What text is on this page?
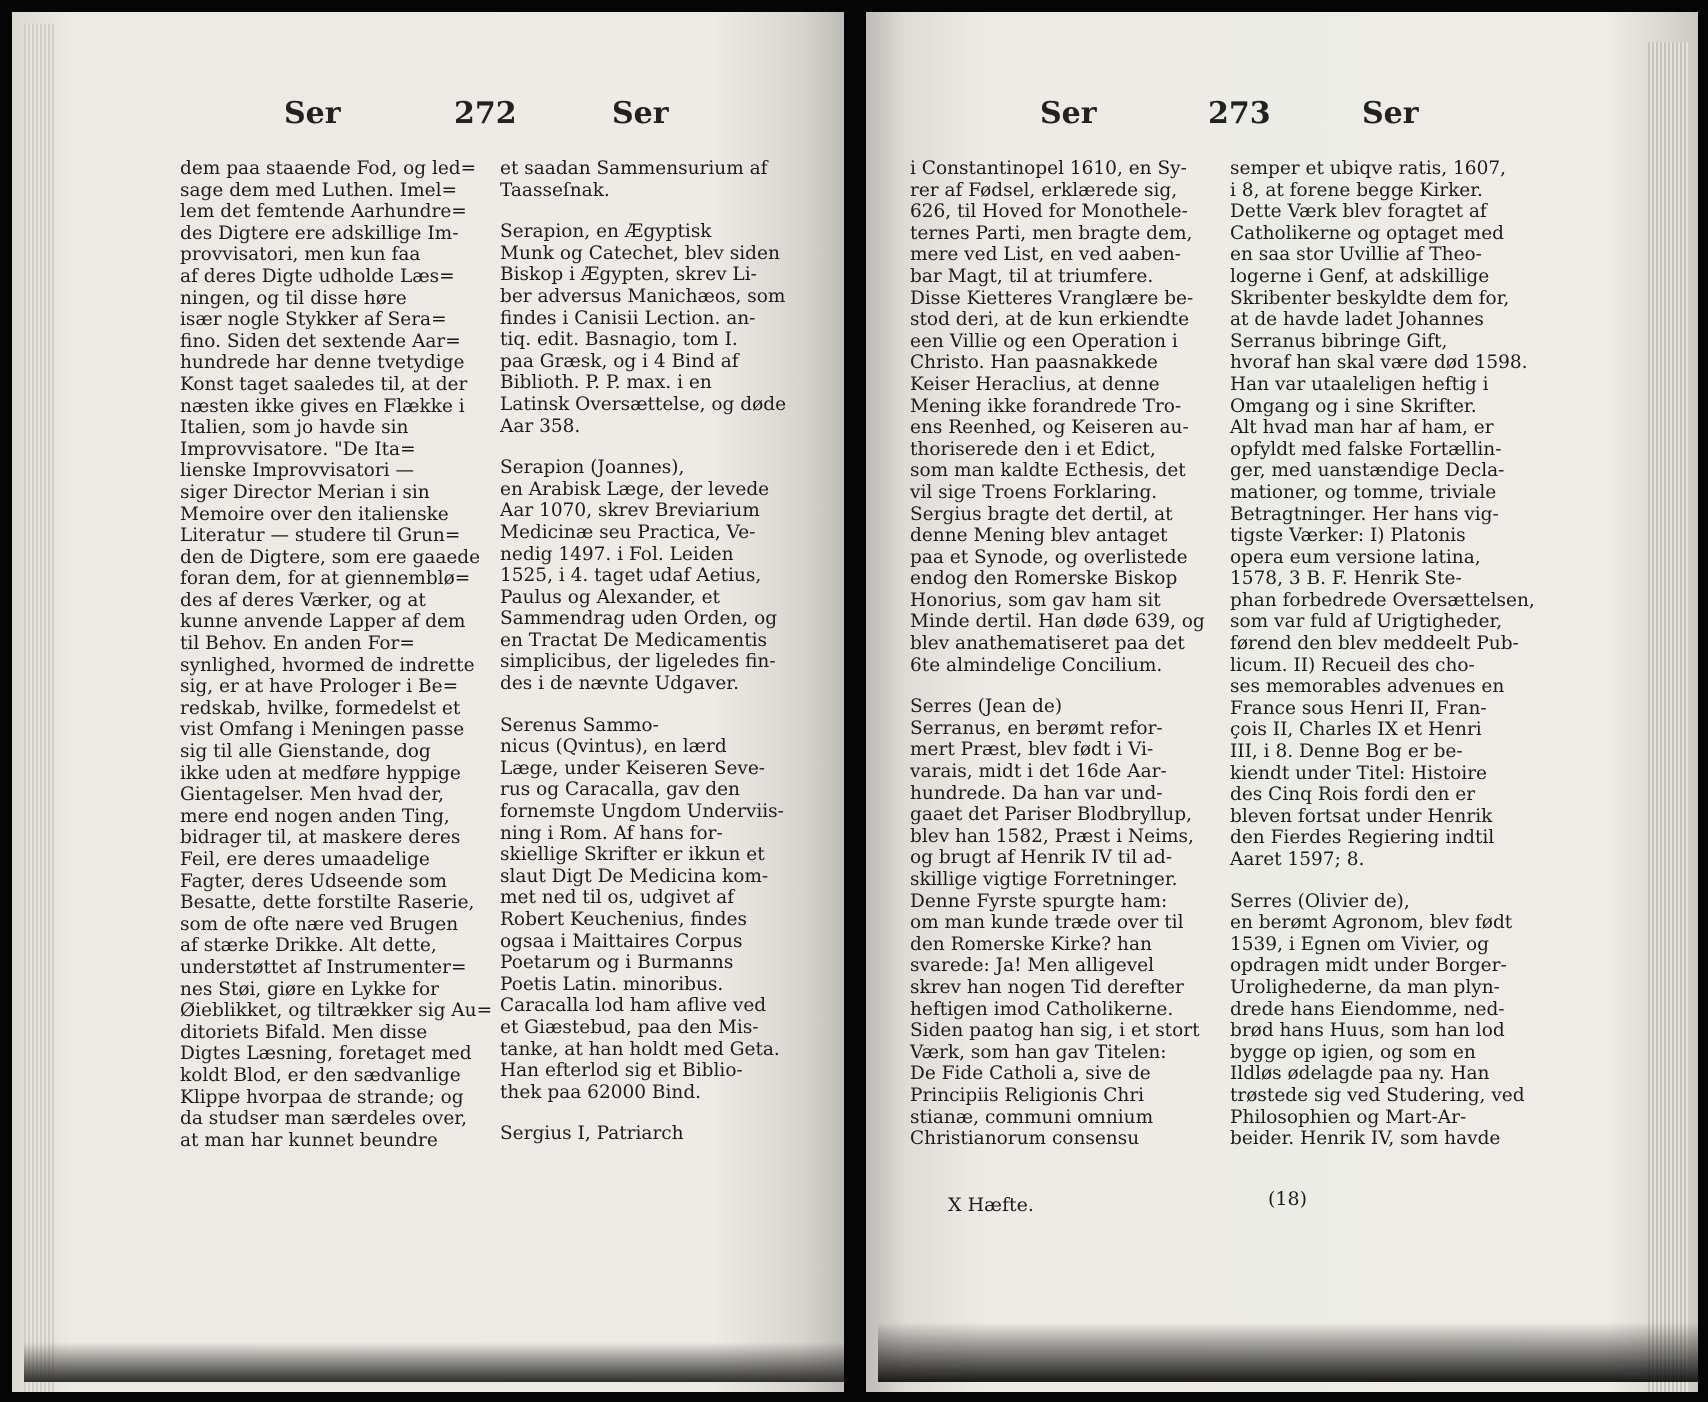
Ser	272	Ser

dem paa staaende Fod, og led=

sage dem med Luthen. Imel=

lem det femtende Aarhundre=

des Digtere ere adskillige Im-

provvisatori, men kun faa

af deres Digte udholde Læs=

ningen, og til disse høre

især nogle Stykker af Sera=

fino. Siden det sextende Aar=

hundrede har denne tvetydige

Konst taget saaledes til, at der

næsten ikke gives en Flække i

Italien, som jo havde sin

Improvvisatore. "De Ita=

lienske Improvvisatori —

siger Director Merian i sin

Memoire over den italienske

Literatur — studere til Grun=

den de Digtere, som ere gaaede

foran dem, for at giennemblø=

des af deres Værker, og at

kunne anvende Lapper af dem

til Behov. En anden For=

synlighed, hvormed de indrette

sig, er at have Prologer i Be=

redskab, hvilke, formedelst et

vist Omfang i Meningen passe

sig til alle Gienstande, dog

ikke uden at medføre hyppige

Gientagelser. Men hvad der,

mere end nogen anden Ting,

bidrager til, at maskere deres

Feil, ere deres umaadelige

Fagter, deres Udseende som

Besatte, dette forstilte Raserie,

som de ofte nære ved Brugen

af stærke Drikke. Alt dette,

understøttet af Instrumenter=

nes Støi, giøre en Lykke for

Øieblikket, og tiltrækker sig Au=

ditoriets Bifald. Men disse

Digtes Læsning, foretaget med

koldt Blod, er den sædvanlige

Klippe hvorpaa de strande; og

da studser man særdeles over,

at man har kunnet beundre

et saadan Sammensurium af

Taasseſnak.

Serapion, en Ægyptisk

Munk og Catechet, blev siden

Biskop i Ægypten, skrev Li-

ber adversus Manichæos, som

findes i Canisii Lection. an-

tiq. edit. Basnagio, tom I.

paa Græsk, og i 4 Bind af

Biblioth. P. P. max. i en

Latinsk Oversættelse, og døde

Aar 358.

Serapion (Joannes),

en Arabisk Læge, der levede

Aar 1070, skrev Breviarium

Medicinæ seu Practica, Ve-

nedig 1497. i Fol. Leiden

1525, i 4. taget udaf Aetius,

Paulus og Alexander, et

Sammendrag uden Orden, og

en Tractat De Medicamentis

simplicibus, der ligeledes fin-

des i de nævnte Udgaver.

Serenus Sammo-

nicus (Qvintus), en lærd

Læge, under Keiseren Seve-

rus og Caracalla, gav den

fornemste Ungdom Underviis-

ning i Rom. Af hans for-

skiellige Skrifter er ikkun et

slaut Digt De Medicina kom-

met ned til os, udgivet af

Robert Keuchenius, findes

ogsaa i Maittaires Corpus

Poetarum og i Burmanns

Poetis Latin. minoribus.

Caracalla lod ham aflive ved

et Giæstebud, paa den Mis-

tanke, at han holdt med Geta.

Han efterlod sig et Biblio-

thek paa 62000 Bind.

Sergius I, Patriarch

Ser	273	Ser

i Constantinopel 1610, en Sy-

rer af Fødsel, erklærede sig,

626, til Hoved for Monothele-

ternes Parti, men bragte dem,

mere ved List, en ved aaben-

bar Magt, til at triumfere.

Disse Kietteres Vranglære be-

stod deri, at de kun erkiendte

een Villie og een Operation i

Christo. Han paasnakkede

Keiser Heraclius, at denne

Mening ikke forandrede Tro-

ens Reenhed, og Keiseren au-

thoriserede den i et Edict,

som man kaldte Ecthesis, det

vil sige Troens Forklaring.

Sergius bragte det dertil, at

denne Mening blev antaget

paa et Synode, og overlistede

endog den Romerske Biskop

Honorius, som gav ham sit

Minde dertil. Han døde 639, og

blev anathematiseret paa det

6te almindelige Concilium.

Serres (Jean de)

Serranus, en berømt refor-

mert Præst, blev født i Vi-

varais, midt i det 16de Aar-

hundrede. Da han var und-

gaaet det Pariser Blodbryllup,

blev han 1582, Præst i Neims,

og brugt af Henrik IV til ad-

skillige vigtige Forretninger.

Denne Fyrste spurgte ham:

om man kunde træde over til

den Romerske Kirke? han

svarede: Ja! Men alligevel

skrev han nogen Tid derefter

heftigen imod Catholikerne.

Siden paatog han sig, i et stort

Værk, som han gav Titelen:

De Fide Catholi a, sive de

Principiis Religionis Chri

stianæ, communi omnium

Christianorum consensu

semper et ubiqve ratis, 1607,

i 8, at forene begge Kirker.

Dette Værk blev foragtet af

Catholikerne og optaget med

en saa stor Uvillie af Theo-

logerne i Genf, at adskillige

Skribenter beskyldte dem for,

at de havde ladet Johannes

Serranus bibringe Gift,

hvoraf han skal være død 1598.

Han var utaaleligen heftig i

Omgang og i sine Skrifter.

Alt hvad man har af ham, er

opfyldt med falske Fortællin-

ger, med uanstændige Decla-

mationer, og tomme, triviale

Betragtninger. Her hans vig-

tigste Værker: I) Platonis

opera eum versione latina,

1578, 3 B. F. Henrik Ste-

phan forbedrede Oversættelsen,

som var fuld af Urigtigheder,

førend den blev meddeelt Pub-

licum. II) Recueil des cho-

ses memorables advenues en

France sous Henri II, Fran-

çois II, Charles IX et Henri

III, i 8. Denne Bog er be-

kiendt under Titel: Histoire

des Cinq Rois fordi den er

bleven fortsat under Henrik

den Fierdes Regiering indtil

Aaret 1597; 8.

Serres (Olivier de),

en berømt Agronom, blev født

1539, i Egnen om Vivier, og

opdragen midt under Borger-

Urolighederne, da man plyn-

drede hans Eiendomme, ned-

brød hans Huus, som han lod

bygge op igien, og som en

Ildløs ødelagde paa ny. Han

trøstede sig ved Studering, ved

Philosophien og Mart-Ar-

beider. Henrik IV, som havde

X Hæfte.	(18)
